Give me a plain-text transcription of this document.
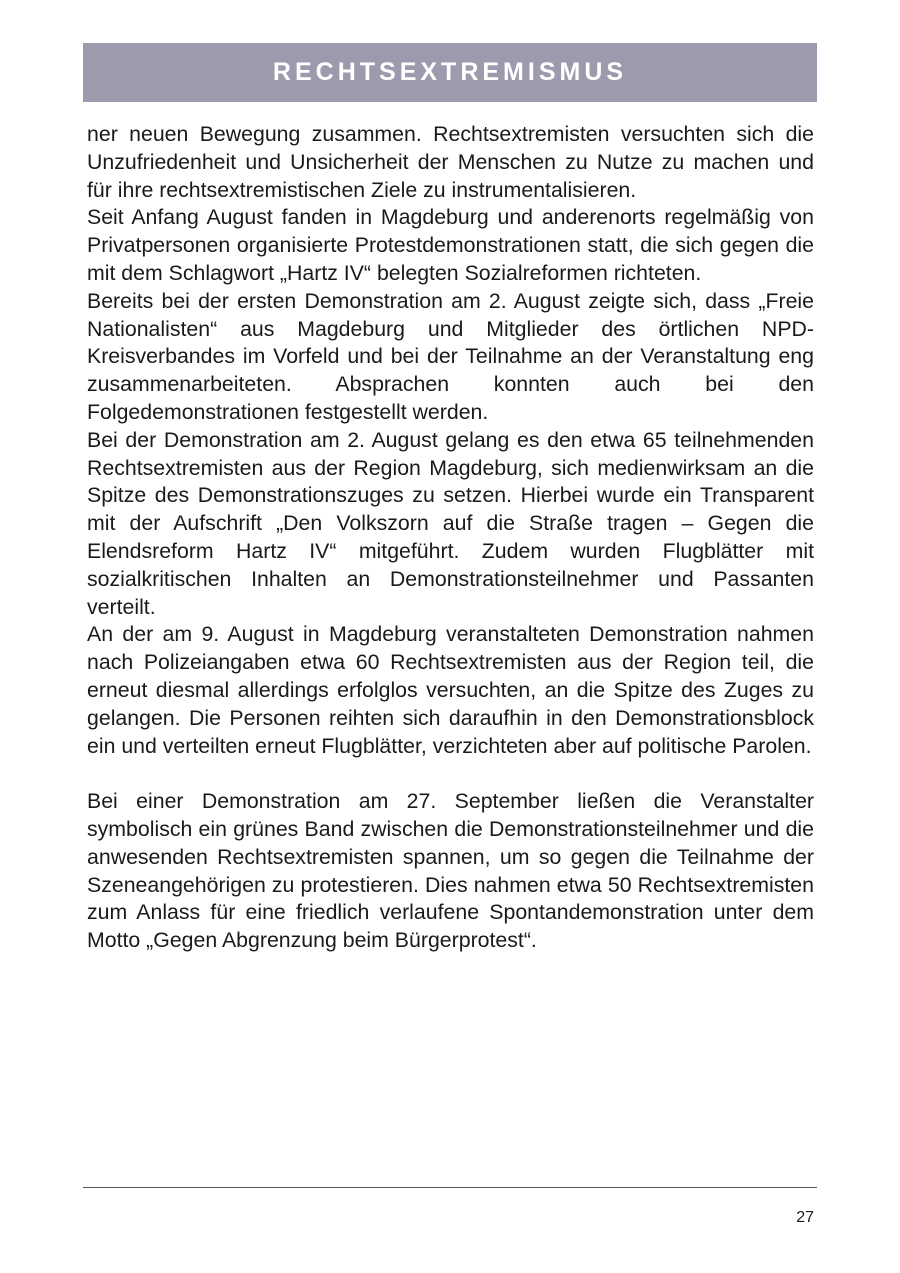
RECHTSEXTREMISMUS

ner neuen Bewegung zusammen. Rechtsextremisten versuchten sich die Unzufriedenheit und Unsicherheit der Menschen zu Nutze zu machen und für ihre rechtsextremistischen Ziele zu instrumentalisieren.

Seit Anfang August fanden in Magdeburg und anderenorts regelmäßig von Privatpersonen organisierte Protestdemonstrationen statt, die sich gegen die mit dem Schlagwort „Hartz IV“ belegten Sozialreformen richteten.

Bereits bei der ersten Demonstration am 2. August zeigte sich, dass „Freie Nationalisten“ aus Magdeburg und Mitglieder des örtlichen NPD-Kreisverbandes im Vorfeld und bei der Teilnahme an der Veranstaltung eng zusammenarbeiteten. Absprachen konnten auch bei den Folgedemonstrationen festgestellt werden.

Bei der Demonstration am 2. August gelang es den etwa 65 teilnehmenden Rechtsextremisten aus der Region Magdeburg, sich medienwirksam an die Spitze des Demonstrationszuges zu setzen. Hierbei wurde ein Transparent mit der Aufschrift „Den Volkszorn auf die Straße tragen – Gegen die Elendsreform Hartz IV“ mitgeführt. Zudem wurden Flugblätter mit sozialkritischen Inhalten an Demonstrationsteilnehmer und Passanten verteilt.

An der am 9. August in Magdeburg veranstalteten Demonstration nahmen nach Polizeiangaben etwa 60 Rechtsextremisten aus der Region teil, die erneut diesmal allerdings erfolglos versuchten, an die Spitze des Zuges zu gelangen. Die Personen reihten sich daraufhin in den Demonstrationsblock ein und verteilten erneut Flugblätter, verzichteten aber auf politische Parolen.

Bei einer Demonstration am 27. September ließen die Veranstalter symbolisch ein grünes Band zwischen die Demonstrationsteilnehmer und die anwesenden Rechtsextremisten spannen, um so gegen die Teilnahme der Szeneangehörigen zu protestieren. Dies nahmen etwa 50 Rechtsextremisten zum Anlass für eine friedlich verlaufene Spontandemonstration unter dem Motto „Gegen Abgrenzung beim Bürgerprotest“.

27
